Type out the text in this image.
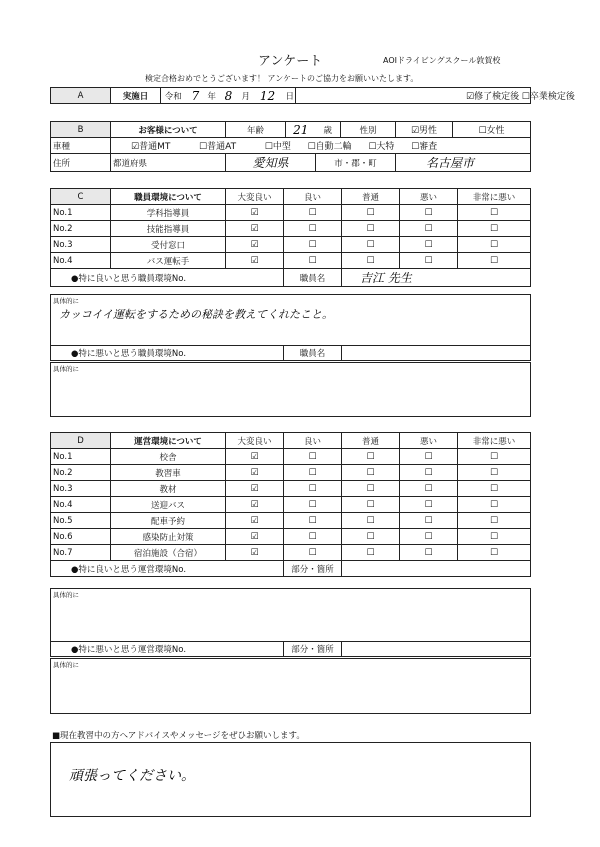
アンケート	AOIドライビングスクール敦賀校
検定合格おめでとうございます！ アンケートのご協力をお願いいたします。
A	実施日	令和	7	年	8	月	12	日	☑修了検定後 ☐卒業検定後
B	お客様について	年齢	21	歳	性別	☑男性	☐女性
車種	☑普通MT ☐普通AT ☐中型 ☐自動二輪 ☐大特 ☐審査						
住所	都道府県	愛知県		市・郡・町		名古屋市	
C	職員環境について	大変良い	良い	普通	悪い	非常に悪い
No.1	学科指導員	☑	☐	☐	☐	☐
No.2	技能指導員	☑	☐	☐	☐	☐
No.3	受付窓口	☑	☐	☐	☐	☐
No.4	バス運転手	☑	☐	☐	☐	☐
●特に良いと思う職員環境No.			職員名	吉江 先生		
具体的に
カッコイイ運転をするための秘訣を教えてくれたこと。
●特に悪いと思う職員環境No.	職員名	
具体的に
D	運営環境について	大変良い	良い	普通	悪い	非常に悪い
No.1	校舎	☑	☐	☐	☐	☐
No.2	教習車	☑	☐	☐	☐	☐
No.3	教材	☑	☐	☐	☐	☐
No.4	送迎バス	☑	☐	☐	☐	☐
No.5	配車予約	☑	☐	☐	☐	☐
No.6	感染防止対策	☑	☐	☐	☐	☐
No.7	宿泊施設（合宿）	☑	☐	☐	☐	☐
●特に良いと思う運営環境No.			部分・箇所			
具体的に
●特に悪いと思う運営環境No.	部分・箇所	
具体的に
■現在教習中の方へアドバイスやメッセージをぜひお願いします。
頑張ってください。
